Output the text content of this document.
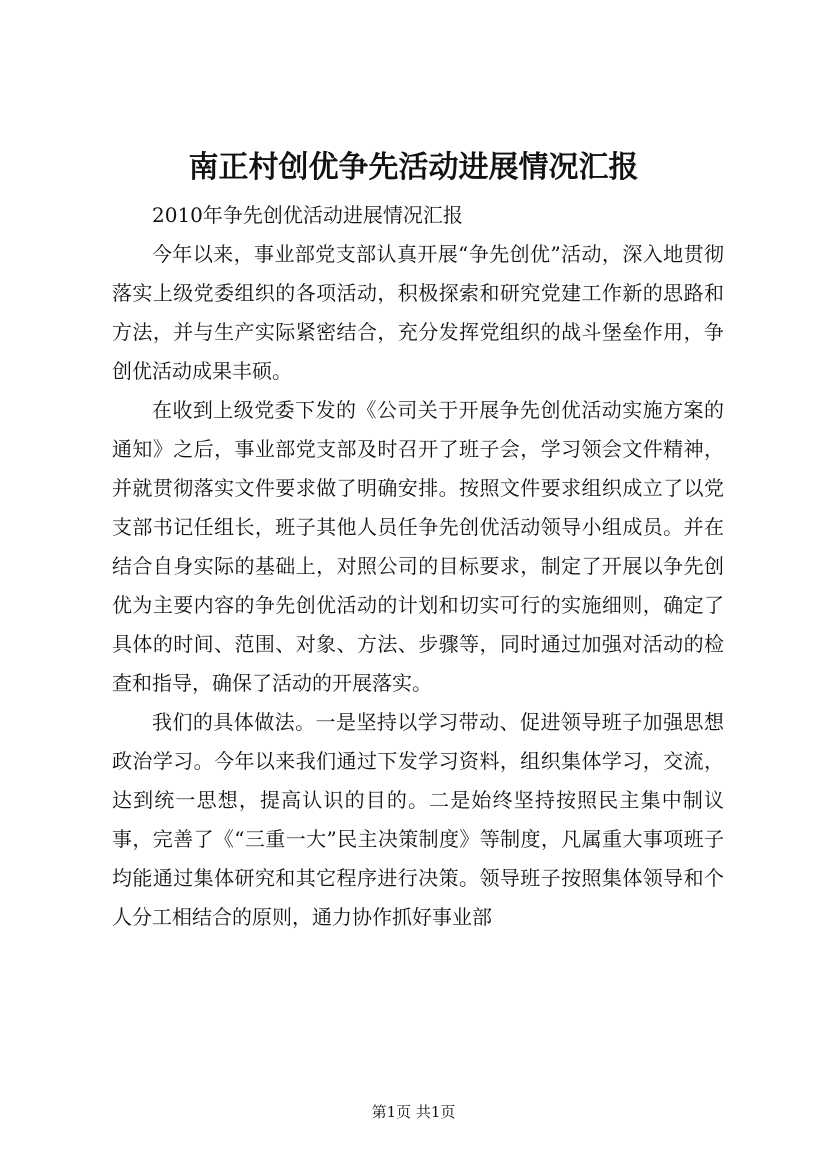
南正村创优争先活动进展情况汇报

2010年争先创优活动进展情况汇报

今年以来，事业部党支部认真开展“争先创优”活动，深入地贯彻落实上级党委组织的各项活动，积极探索和研究党建工作新的思路和方法，并与生产实际紧密结合，充分发挥党组织的战斗堡垒作用，争创优活动成果丰硕。

在收到上级党委下发的《公司关于开展争先创优活动实施方案的通知》之后，事业部党支部及时召开了班子会，学习领会文件精神，并就贯彻落实文件要求做了明确安排。按照文件要求组织成立了以党支部书记任组长，班子其他人员任争先创优活动领导小组成员。并在结合自身实际的基础上，对照公司的目标要求，制定了开展以争先创优为主要内容的争先创优活动的计划和切实可行的实施细则，确定了具体的时间、范围、对象、方法、步骤等，同时通过加强对活动的检查和指导，确保了活动的开展落实。

我们的具体做法。一是坚持以学习带动、促进领导班子加强思想政治学习。今年以来我们通过下发学习资料，组织集体学习，交流，达到统一思想，提高认识的目的。二是始终坚持按照民主集中制议事，完善了《“三重一大”民主决策制度》等制度，凡属重大事项班子均能通过集体研究和其它程序进行决策。领导班子按照集体领导和个人分工相结合的原则，通力协作抓好事业部

第1页 共1页
